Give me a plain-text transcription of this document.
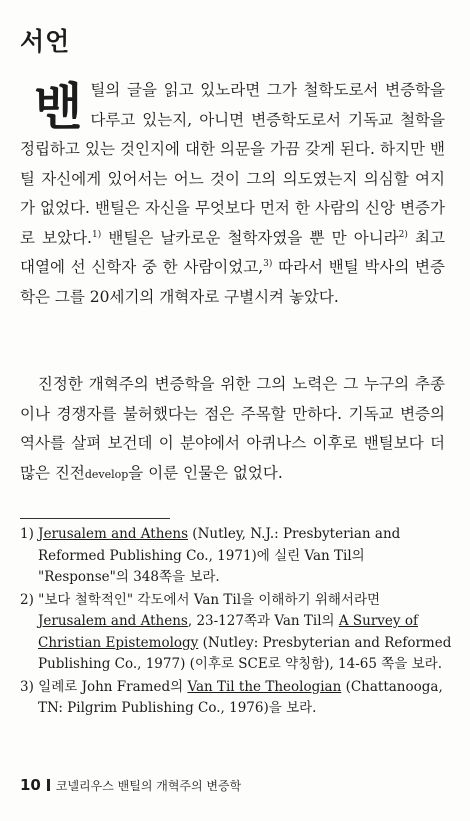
서언

밴틸의 글을 읽고 있노라면 그가 철학도로서 변증학을 다루고 있는지, 아니면 변증학도로서 기독교 철학을 정립하고 있는 것인지에 대한 의문을 가끔 갖게 된다. 하지만 밴틸 자신에게 있어서는 어느 것이 그의 의도였는지 의심할 여지가 없었다. 밴틸은 자신을 무엇보다 먼저 한 사람의 신앙 변증가로 보았다.$^{1)}$ 밴틸은 날카로운 철학자였을 뿐 만 아니라$^{2)}$ 최고 대열에 선 신학자 중 한 사람이었고,$^{3)}$ 따라서 밴틸 박사의 변증학은 그를 20세기의 개혁자로 구별시켜 놓았다.

진정한 개혁주의 변증학을 위한 그의 노력은 그 누구의 추종이나 경쟁자를 불허했다는 점은 주목할 만하다. 기독교 변증의 역사를 살펴 보건데 이 분야에서 아퀴나스 이후로 밴틸보다 더 많은 진전develop을 이룬 인물은 없었다.

1) Jerusalem and Athens (Nutley, N.J.: Presbyterian and Reformed Publishing Co., 1971)에 실린 Van Til의 "Response"의 348쪽을 보라.
2) "보다 철학적인" 각도에서 Van Til을 이해하기 위해서라면 Jerusalem and Athens, 23-127쪽과 Van Til의 A Survey of Christian Epistemology (Nutley: Presbyterian and Reformed Publishing Co., 1977) (이후로 SCE로 약칭함), 14-65 쪽을 보라.
3) 일례로 John Framed의 Van Til the Theologian (Chattanooga, TN: Pilgrim Publishing Co., 1976)을 보라.
10 코넬리우스 밴틸의 개혁주의 변증학
